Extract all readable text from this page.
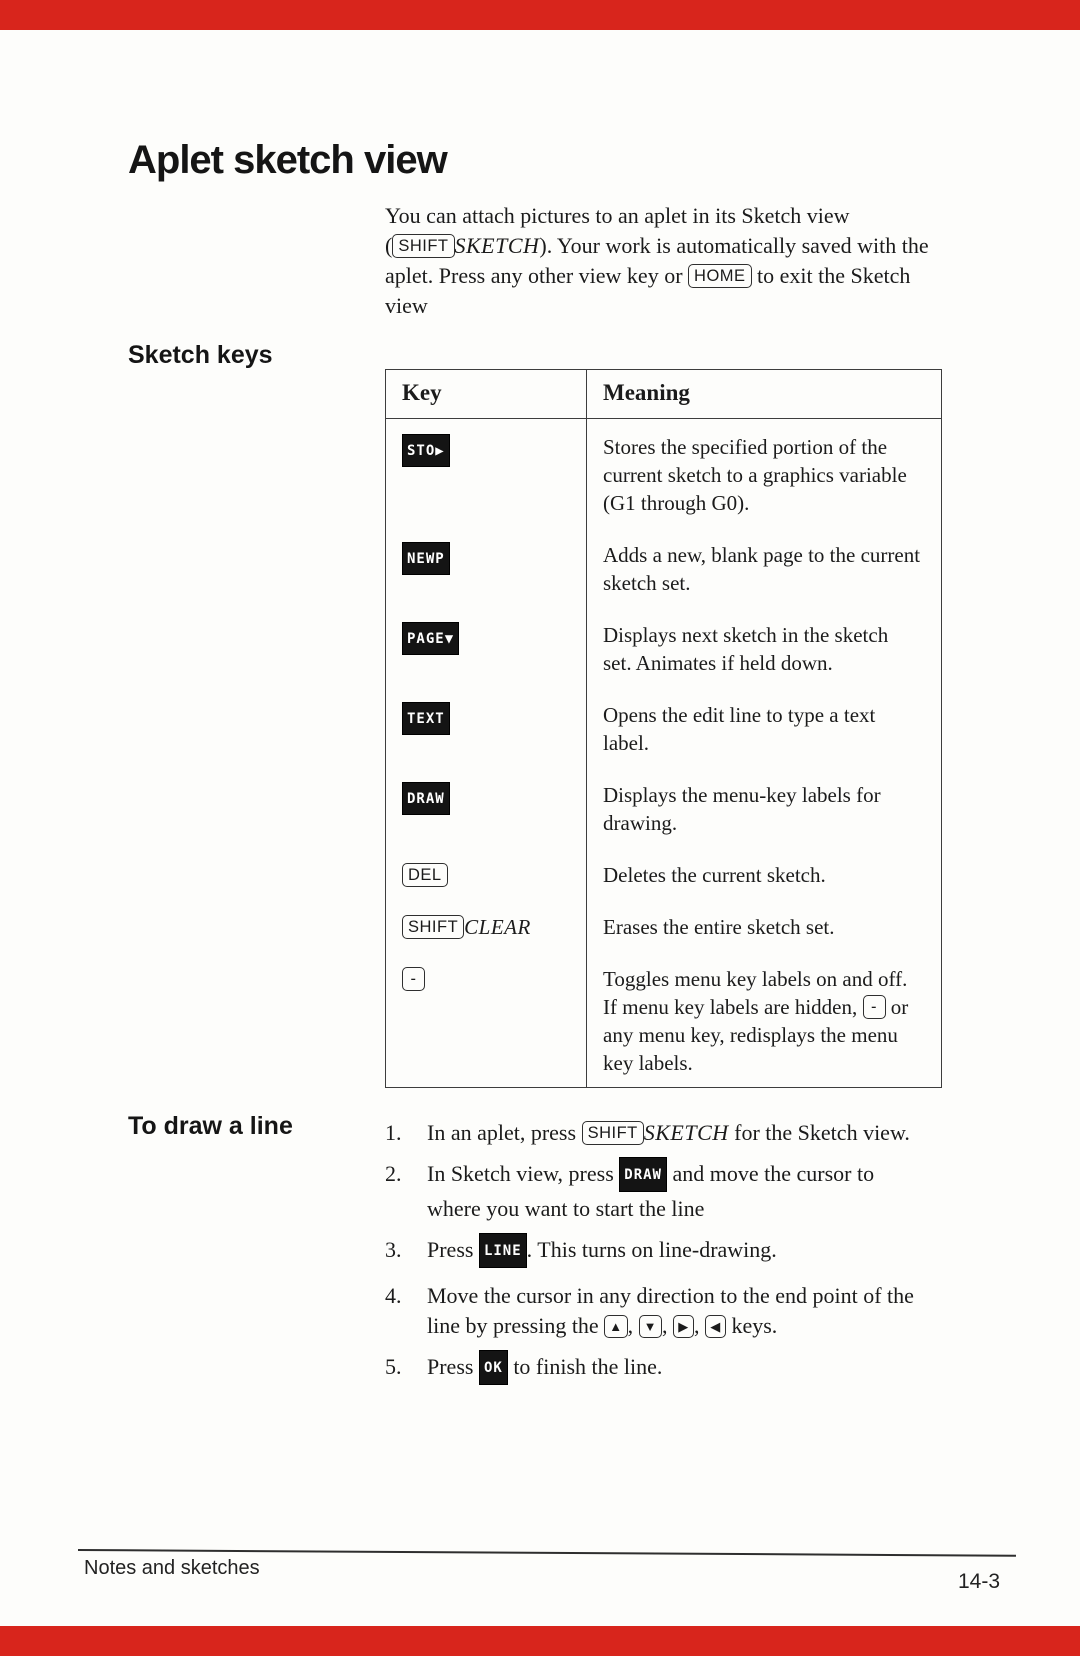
Aplet sketch view

You can attach pictures to an aplet in its Sketch view
( SHIFT SKETCH). Your work is automatically saved with the
aplet. Press any other view key or HOME to exit the Sketch
view

Sketch keys
Key	Meaning
STO▶	Stores the specified portion of the
current sketch to a graphics variable
(G1 through G0).
NEWP	Adds a new, blank page to the current
sketch set.
PAGE▼	Displays next sketch in the sketch
set. Animates if held down.
TEXT	Opens the edit line to type a text
label.
DRAW	Displays the menu-key labels for
drawing.
DEL	Deletes the current sketch.
SHIFT CLEAR	Erases the entire sketch set.
-	Toggles menu key labels on and off.
If menu key labels are hidden, - or
any menu key, redisplays the menu
key labels.
To draw a line	1.	In an aplet, press SHIFT SKETCH for the Sketch view.
2.	In Sketch view, press DRAW and move the cursor to
where you want to start the line
3.	Press LINE . This turns on line-drawing.
4.	Move the cursor in any direction to the end point of the
line by pressing the ▲ , ▼ , ▶ , ◀ keys.
5.	Press OK to finish the line.
Notes and sketches
14-3
